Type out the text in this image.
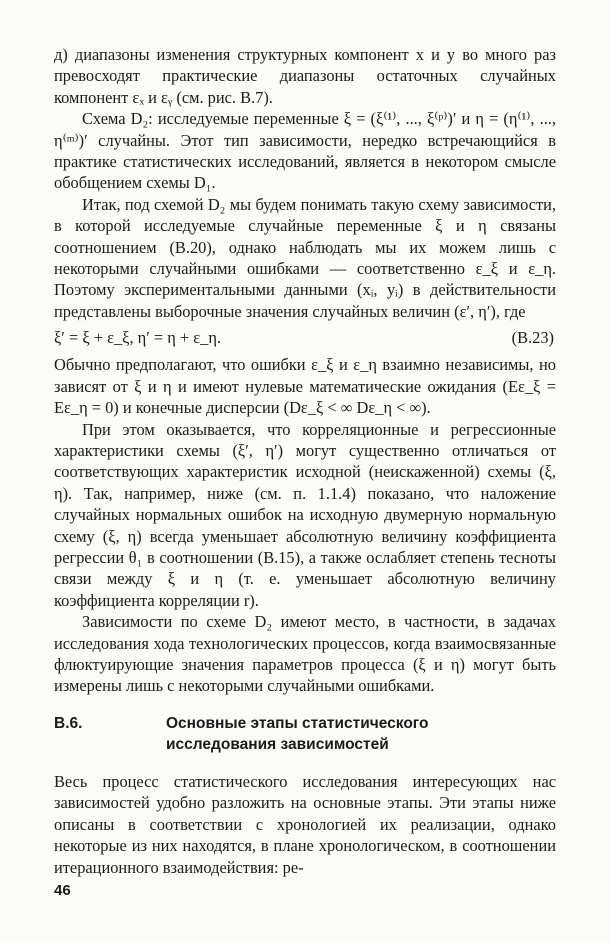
д) диапазоны изменения структурных компонент x и y во много раз превосходят практические диапазоны остаточных случайных компонент εₓ и εᵧ (см. рис. В.7).

Схема D₂: исследуемые переменные ξ = (ξ⁽¹⁾, ..., ξ⁽ᵖ⁾)′ и η = (η⁽¹⁾, ..., η⁽ᵐ⁾)′ случайны. Этот тип зависимости, нередко встречающийся в практике статистических исследований, является в некотором смысле обобщением схемы D₁.

Итак, под схемой D₂ мы будем понимать такую схему зависимости, в которой исследуемые случайные переменные ξ и η связаны соотношением (В.20), однако наблюдать мы их можем лишь с некоторыми случайными ошибками — соответственно ε_ξ и ε_η. Поэтому экспериментальными данными (xᵢ, yᵢ) в действительности представлены выборочные значения случайных величин (ε′, η′), где

ξ′ = ξ + ε_ξ, η′ = η + ε_η.	(В.23)

Обычно предполагают, что ошибки ε_ξ и ε_η взаимно независимы, но зависят от ξ и η и имеют нулевые математические ожидания (Eε_ξ = Eε_η = 0) и конечные дисперсии (Dε_ξ < ∞ Dε_η < ∞).

При этом оказывается, что корреляционные и регрессионные характеристики схемы (ξ′, η′) могут существенно отличаться от соответствующих характеристик исходной (неискаженной) схемы (ξ, η). Так, например, ниже (см. п. 1.1.4) показано, что наложение случайных нормальных ошибок на исходную двумерную нормальную схему (ξ, η) всегда уменьшает абсолютную величину коэффициента регрессии θ₁ в соотношении (В.15), а также ослабляет степень тесноты связи между ξ и η (т. е. уменьшает абсолютную величину коэффициента корреляции r).

Зависимости по схеме D₂ имеют место, в частности, в задачах исследования хода технологических процессов, когда взаимосвязанные флюктуирующие значения параметров процесса (ξ и η) могут быть измерены лишь с некоторыми случайными ошибками.

В.6.	Основные этапы статистического исследования зависимостей

Весь процесс статистического исследования интересующих нас зависимостей удобно разложить на основные этапы. Эти этапы ниже описаны в соответствии с хронологией их реализации, однако некоторые из них находятся, в плане хронологическом, в соотношении итерационного взаимодействия: ре-

46
